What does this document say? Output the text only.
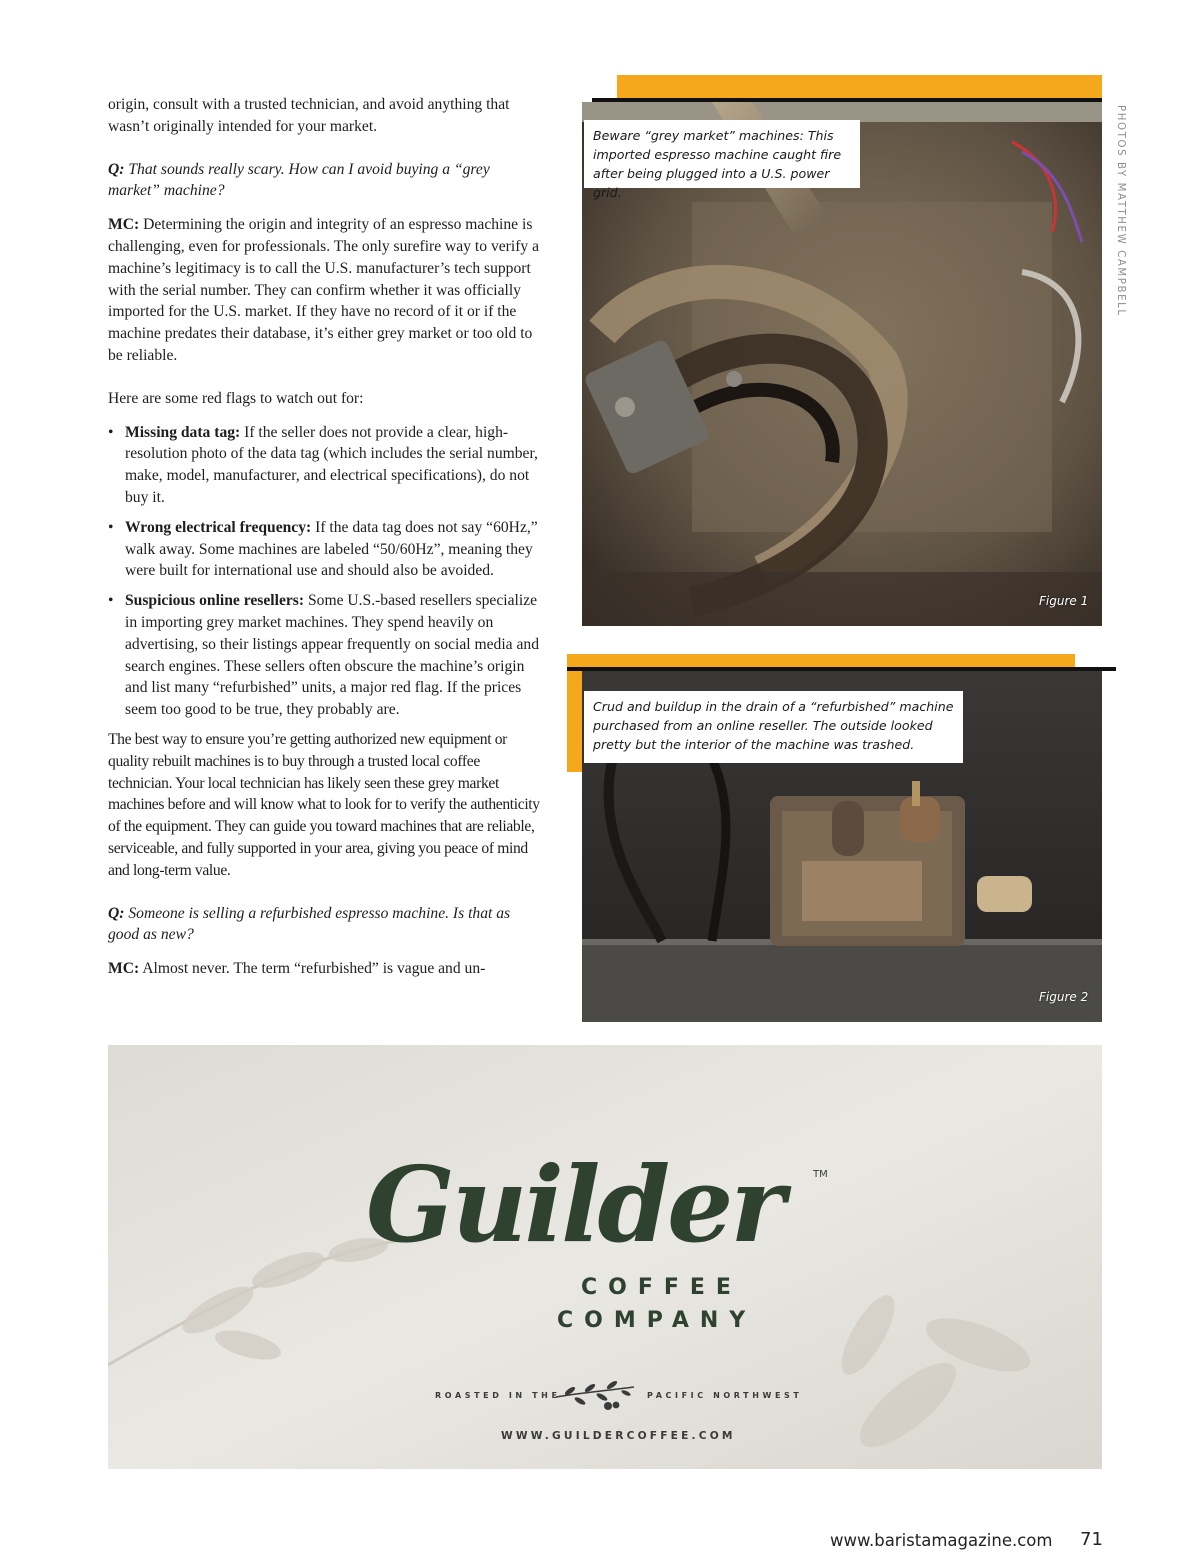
origin, consult with a trusted technician, and avoid anything that wasn’t originally intended for your market.

Q: That sounds really scary. How can I avoid buying a “grey market” machine?

MC: Determining the origin and integrity of an espresso machine is challenging, even for professionals. The only surefire way to verify a machine’s legitimacy is to call the U.S. manufacturer’s tech support with the serial number. They can confirm whether it was officially imported for the U.S. market. If they have no record of it or if the machine predates their database, it’s either grey market or too old to be reliable.

Here are some red flags to watch out for:

• Missing data tag: If the seller does not provide a clear, high-resolution photo of the data tag (which includes the serial number, make, model, manufacturer, and electrical specifications), do not buy it.
• Wrong electrical frequency: If the data tag does not say “60Hz,” walk away. Some machines are labeled “50/60Hz”, meaning they were built for international use and should also be avoided.
• Suspicious online resellers: Some U.S.-based resellers specialize in importing grey market machines. They spend heavily on advertising, so their listings appear frequently on social media and search engines. These sellers often obscure the machine’s origin and list many “refurbished” units, a major red flag. If the prices seem too good to be true, they probably are.

The best way to ensure you’re getting authorized new equipment or quality rebuilt machines is to buy through a trusted local coffee technician. Your local technician has likely seen these grey market machines before and will know what to look for to verify the authenticity of the equipment. They can guide you toward machines that are reliable, serviceable, and fully supported in your area, giving you peace of mind and long-term value.

Q: Someone is selling a refurbished espresso machine. Is that as good as new?

MC: Almost never. The term “refurbished” is vague and un-

Beware “grey market” machines: This imported espresso machine caught fire after being plugged into a U.S. power grid.
Figure 1
PHOTOS BY MATTHEW CAMPBELL
Crud and buildup in the drain of a “refurbished” machine purchased from an online reseller. The outside looked pretty but the interior of the machine was trashed.
Figure 2
Guilder	TM
COFFEE
COMPANY
ROASTED IN THE	PACIFIC NORTHWEST
WWW.GUILDERCOFFEE.COM
www.baristamagazine.com 71
